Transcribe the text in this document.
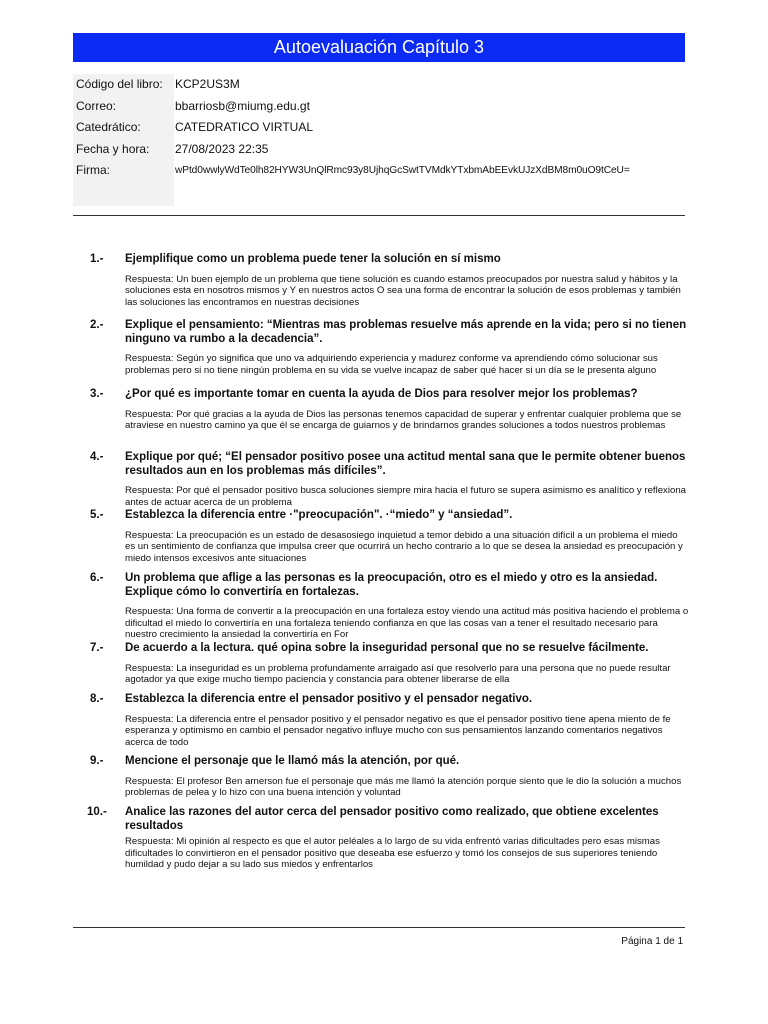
Autoevaluación Capítulo 3
Código del libro:	KCP2US3M
Correo:	bbarriosb@miumg.edu.gt
Catedrático:	CATEDRATICO VIRTUAL
Fecha y hora:	27/08/2023 22:35
Firma:	wPtd0wwlyWdTe0lh82HYW3UnQlRmc93y8UjhqGcSwtTVMdkYTxbmAbEEvkUJzXdBM8m0uO9tCeU=
1.- Ejemplifique como un problema puede tener la solución en sí mismo
Respuesta: Un buen ejemplo de un problema que tiene solución es cuando estamos preocupados por nuestra salud y hábitos y la soluciones esta en nosotros mismos y Y en nuestros actos O sea una forma de encontrar la solución de esos problemas y también las soluciones las encontramos en nuestras decisiones
2.- Explique el pensamiento: “Mientras mas problemas resuelve más aprende en la vida; pero si no tienen ninguno va rumbo a la decadencia”.
Respuesta: Según yo significa que uno va adquiriendo experiencia y madurez conforme va aprendiendo cómo solucionar sus problemas pero si no tiene ningún problema en su vida se vuelve incapaz de saber qué hacer si un día se le presenta alguno
3.- ¿Por qué es importante tomar en cuenta la ayuda de Dios para resolver mejor los problemas?
Respuesta: Por qué gracias a la ayuda de Dios las personas tenemos capacidad de superar y enfrentar cualquier problema que se atraviese en nuestro camino ya que él se encarga de guiarnos y de brindarnos grandes soluciones a todos nuestros problemas
4.- Explique por qué; “El pensador positivo posee una actitud mental sana que le permite obtener buenos resultados aun en los problemas más difíciles”.
Respuesta: Por qué el pensador positivo busca soluciones siempre mira hacia el futuro se supera asimismo es analítico y reflexiona antes de actuar acerca de un problema
5.- Establezca la diferencia entre ·"preocupación". ·“miedo” y “ansiedad”.
Respuesta: La preocupación es un estado de desasosiego inquietud a temor debido a una situación difícil a un problema el miedo es un sentimiento de confianza que impulsa creer que ocurrirá un hecho contrario a lo que se desea la ansiedad es preocupación y miedo intensos excesivos ante situaciones
6.- Un problema que aflige a las personas es la preocupación, otro es el miedo y otro es la ansiedad. Explique cómo lo convertiría en fortalezas.
Respuesta: Una forma de convertir a la preocupación en una fortaleza estoy viendo una actitud más positiva haciendo el problema o dificultad el miedo lo convertiría en una fortaleza teniendo confianza en que las cosas van a tener el resultado necesario para nuestro crecimiento la ansiedad la convertiría en For
7.- De acuerdo a la lectura. qué opina sobre la inseguridad personal que no se resuelve fácilmente.
Respuesta: La inseguridad es un problema profundamente arraigado así que resolverlo para una persona que no puede resultar agotador ya que exige mucho tiempo paciencia y constancia para obtener liberarse de ella
8.- Establezca la diferencia entre el pensador positivo y el pensador negativo.
Respuesta: La diferencia entre el pensador positivo y el pensador negativo es que el pensador positivo tiene apena miento de fe esperanza y optimismo en cambio el pensador negativo influye mucho con sus pensamientos lanzando comentarios negativos acerca de todo
9.- Mencione el personaje que le llamó más la atención, por qué.
Respuesta: El profesor Ben arnerson fue el personaje que más me llamó la atención porque siento que le dio la solución a muchos problemas de pelea y lo hizo con una buena intención y voluntad
10.- Analice las razones del autor cerca del pensador positivo como realizado, que obtiene excelentes resultados
Respuesta: Mi opinión al respecto es que el autor peléales a lo largo de su vida enfrentó varias dificultades pero esas mismas dificultades lo convirtieron en el pensador positivo que deseaba ese esfuerzo y tomó los consejos de sus superiores teniendo humildad y pudo dejar a su lado sus miedos y enfrentarlos
Página 1 de 1
